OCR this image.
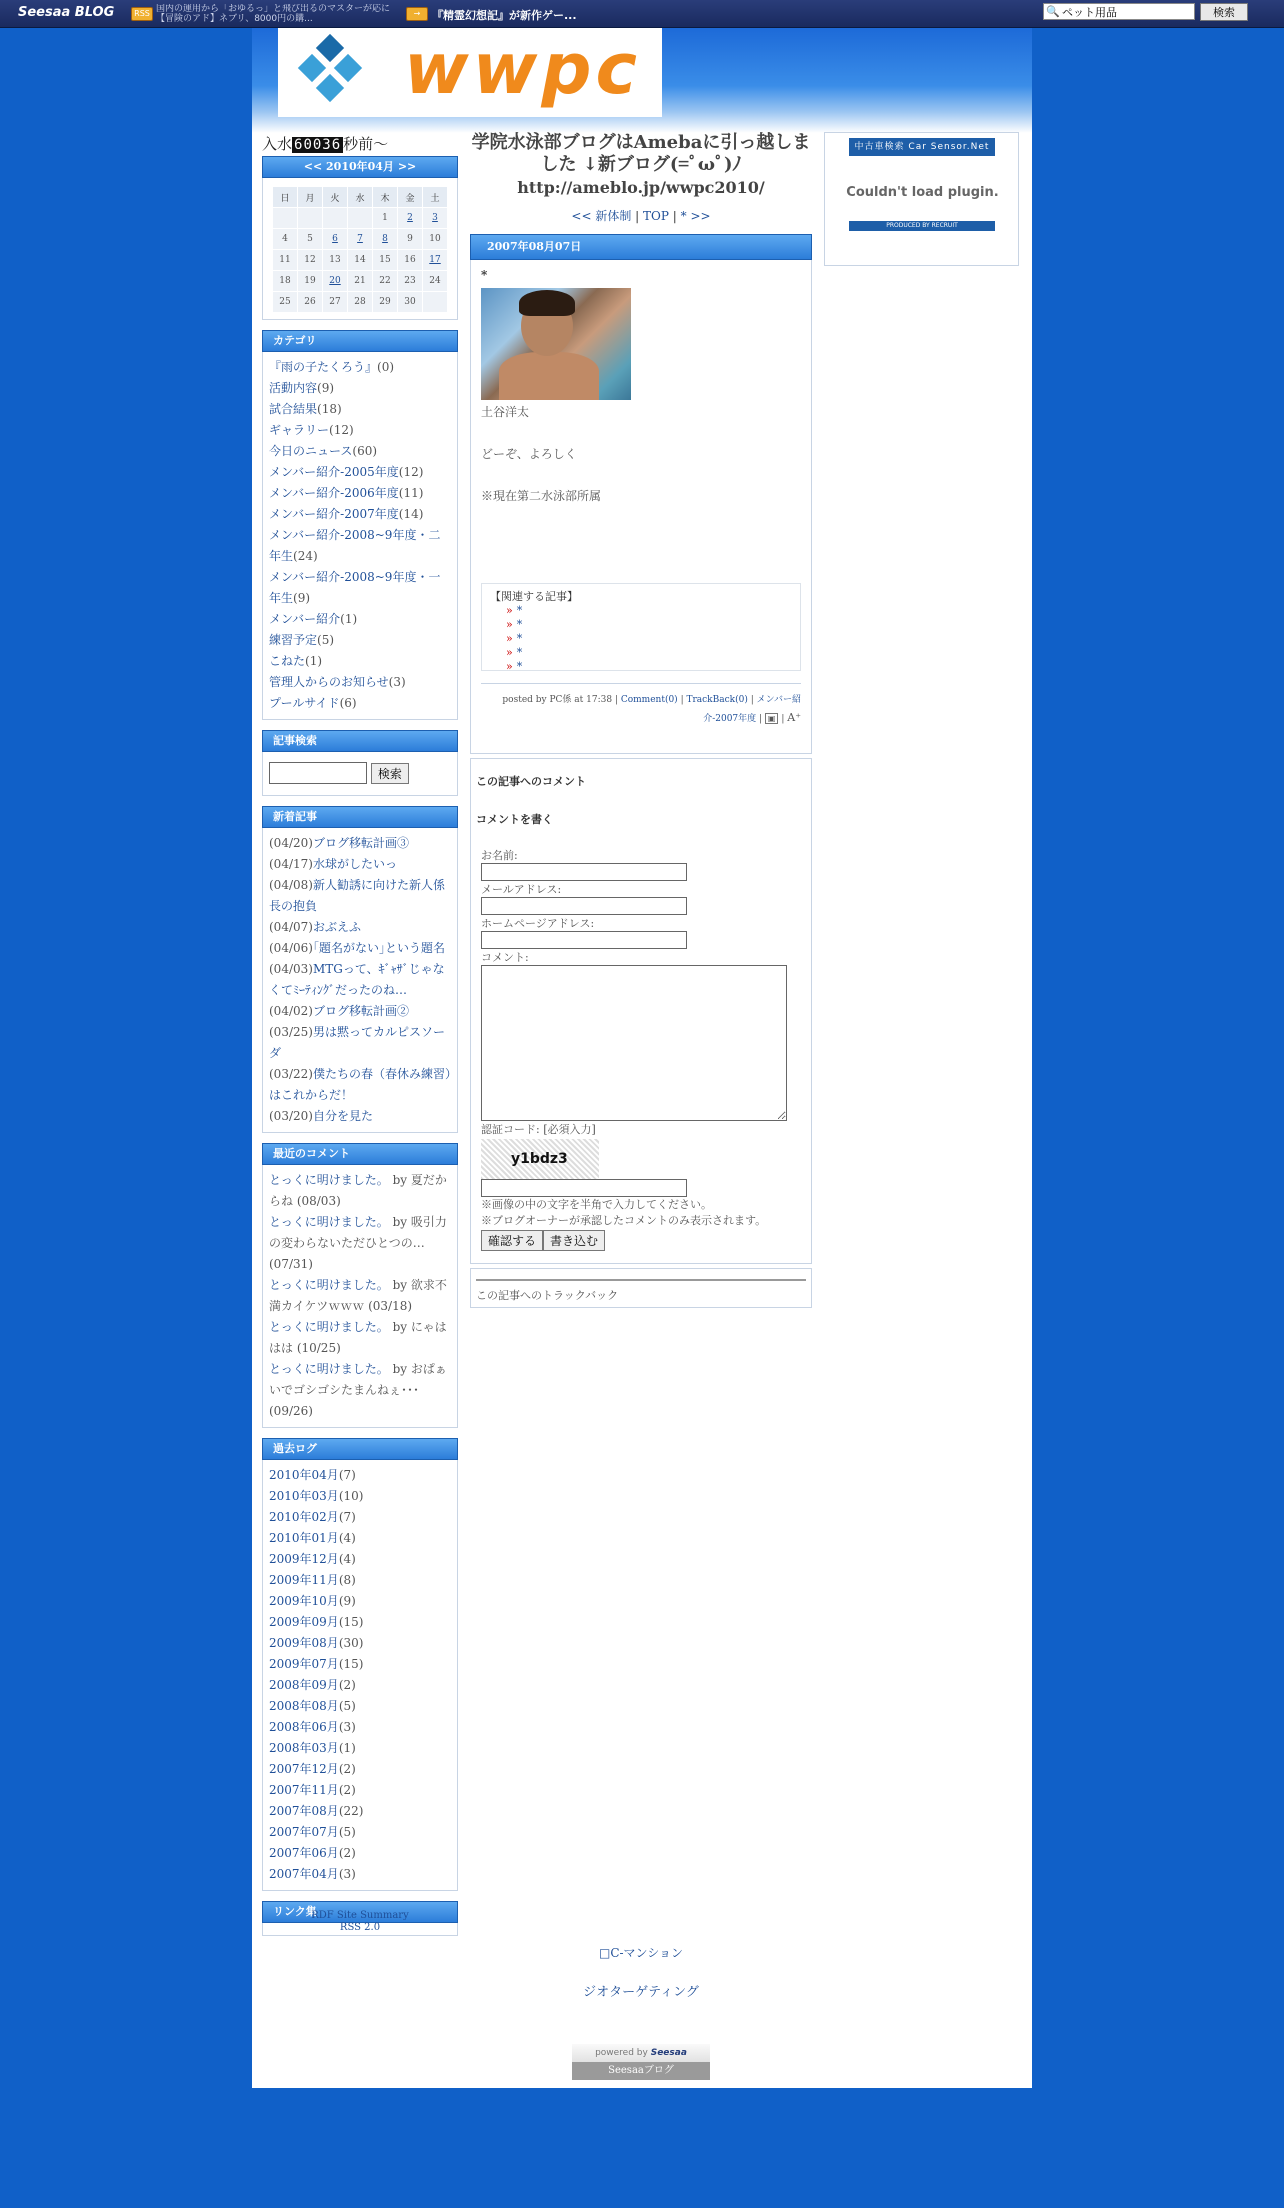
Seesaa BLOG	RSS 国内の運用から「おゆるっ」と飛び出るのマスターが応に【冒険のアド】ネブリ、8000円の購...
→	『精霊幻想記』が新作ゲー...
ペット用品	🔍	検索
wwpc
入水 60036 秒前～
<< 2010年04月 >>
日	月	火	水	木	金	土
				1	2	3
4	5	6	7	8	9	10
11	12	13	14	15	16	17
18	19	20	21	22	23	24
25	26	27	28	29	30	
カテゴリ
『雨の子たくろう』(0)
活動内容(9)
試合結果(18)
ギャラリー(12)
今日のニュース(60)
メンバー紹介-2005年度(12)
メンバー紹介-2006年度(11)
メンバー紹介-2007年度(14)
メンバー紹介-2008~9年度・二年生(24)
メンバー紹介-2008~9年度・一年生(9)
メンバー紹介(1)
練習予定(5)
こねた(1)
管理人からのお知らせ(3)
プールサイド(6)
記事検索
検索
新着記事
(04/20)ブログ移転計画③
(04/17)水球がしたいっ
(04/08)新人勧誘に向けた新人係長の抱負
(04/07)おぶえふ
(04/06)｢題名がない｣という題名
(04/03)MTGって、ｷﾞｬｻﾞじゃなくてﾐｰﾃｨﾝｸﾞだったのね…
(04/02)ブログ移転計画②
(03/25)男は黙ってカルピスソーダ
(03/22)僕たちの春（春休み練習）はこれからだ！
(03/20)自分を見た
最近のコメント
とっくに明けました。 by 夏だからね (08/03)
とっくに明けました。 by 吸引力の変わらないただひとつの… (07/31)
とっくに明けました。 by 欲求不満カイケツｗｗｗ (03/18)
とっくに明けました。 by にゃははは (10/25)
とっくに明けました。 by おぱぁいでゴシゴシたまんねぇ･･･ (09/26)
過去ログ
2010年04月(7)
2010年03月(10)
2010年02月(7)
2010年01月(4)
2009年12月(4)
2009年11月(8)
2009年10月(9)
2009年09月(15)
2009年08月(30)
2009年07月(15)
2008年09月(2)
2008年08月(5)
2008年06月(3)
2008年03月(1)
2007年12月(2)
2007年11月(2)
2007年08月(22)
2007年07月(5)
2007年06月(2)
2007年04月(3)
リンク集
RDF Site Summary
RSS 2.0
学院水泳部ブログはAmebaに引っ越しました ↓新ブログ(=ﾟωﾟ)ﾉ
http://ameblo.jp/wwpc2010/
<< 新体制 | TOP | * >>
2007年08月07日
*
土谷洋太

どーぞ、よろしく

※現在第二水泳部所属
【関連する記事】
» *
» *
» *
» *
» *
posted by PC係 at 17:38 | Comment(0) | TrackBack(0) | メンバー紹介-2007年度 | ▣ | A⁺
この記事へのコメント
コメントを書く
お名前:
メールアドレス:
ホームページアドレス:
コメント:
認証コード: [必須入力]
y1bdz3
※画像の中の文字を半角で入力してください。
※ブログオーナーが承認したコメントのみ表示されます。
確認する 書き込む
この記事へのトラックバック
中古車検索 Car Sensor.Net
Couldn't load plugin.
PRODUCED BY RECRUIT
□C-マンション
ジオターゲティング
powered by Seesaa
Seesaaブログ
